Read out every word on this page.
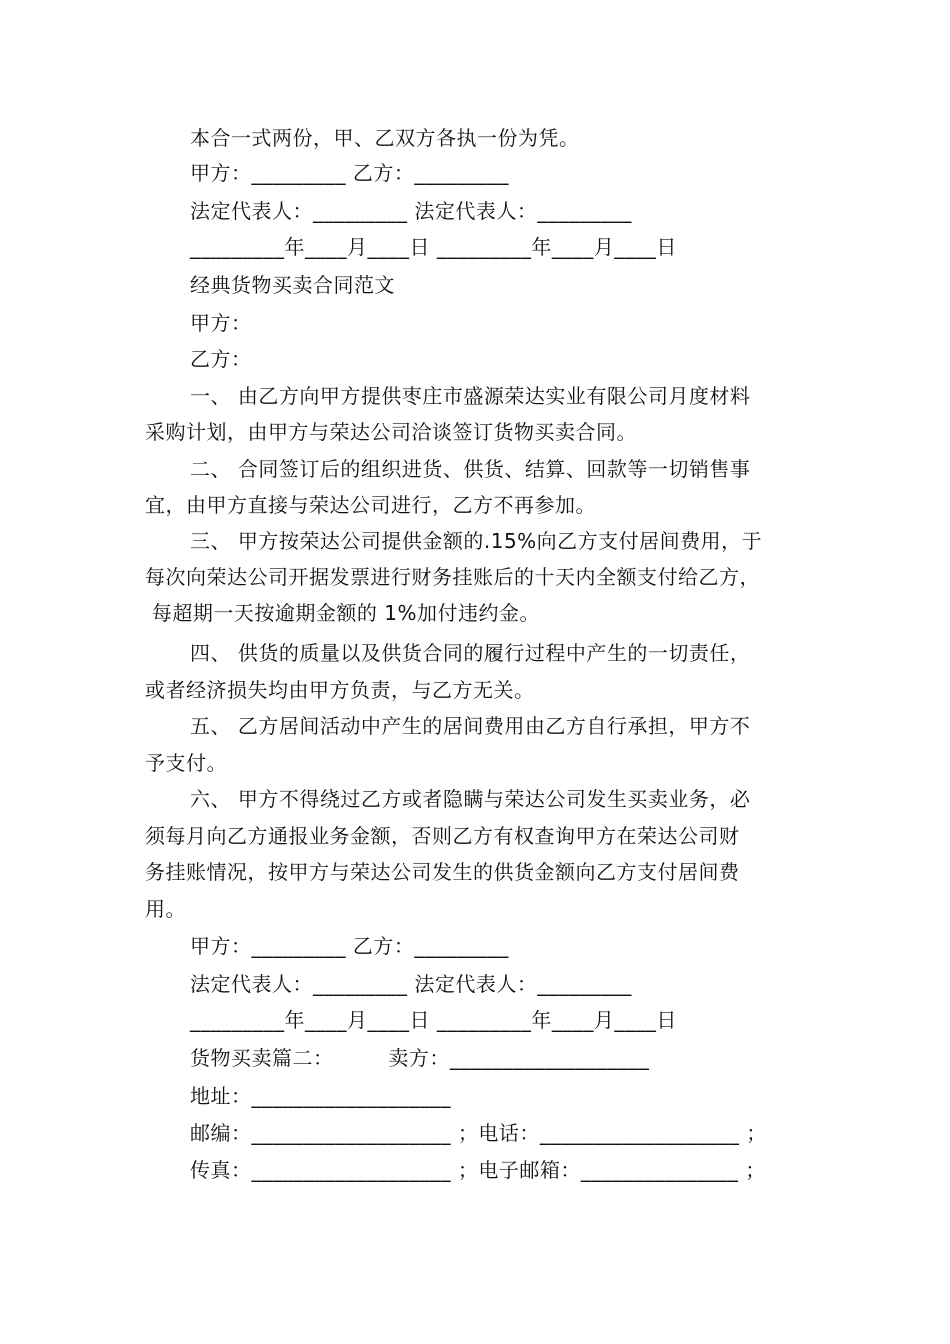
本合一式两份，甲、乙双方各执一份为凭。
甲方：_________ 乙方：_________
法定代表人：_________ 法定代表人：_________
_________年____月____日 _________年____月____日
经典货物买卖合同范文
甲方：
乙方：
一、 由乙方向甲方提供枣庄市盛源荣达实业有限公司月度材料
采购计划，由甲方与荣达公司洽谈签订货物买卖合同。
二、 合同签订后的组织进货、供货、结算、回款等一切销售事
宜，由甲方直接与荣达公司进行，乙方不再参加。
三、 甲方按荣达公司提供金额的.15%向乙方支付居间费用，于
每次向荣达公司开据发票进行财务挂账后的十天内全额支付给乙方，
每超期一天按逾期金额的 1%加付违约金。
四、 供货的质量以及供货合同的履行过程中产生的一切责任，
或者经济损失均由甲方负责，与乙方无关。
五、 乙方居间活动中产生的居间费用由乙方自行承担，甲方不
予支付。
六、 甲方不得绕过乙方或者隐瞒与荣达公司发生买卖业务，必
须每月向乙方通报业务金额，否则乙方有权查询甲方在荣达公司财
务挂账情况，按甲方与荣达公司发生的供货金额向乙方支付居间费
用。
甲方：_________ 乙方：_________
法定代表人：_________ 法定代表人：_________
_________年____月____日 _________年____月____日
货物买卖篇二：        卖方：___________________
地址：___________________
邮编：___________________ ；电话：___________________ ；
传真：___________________ ；电子邮箱：_______________ ；
